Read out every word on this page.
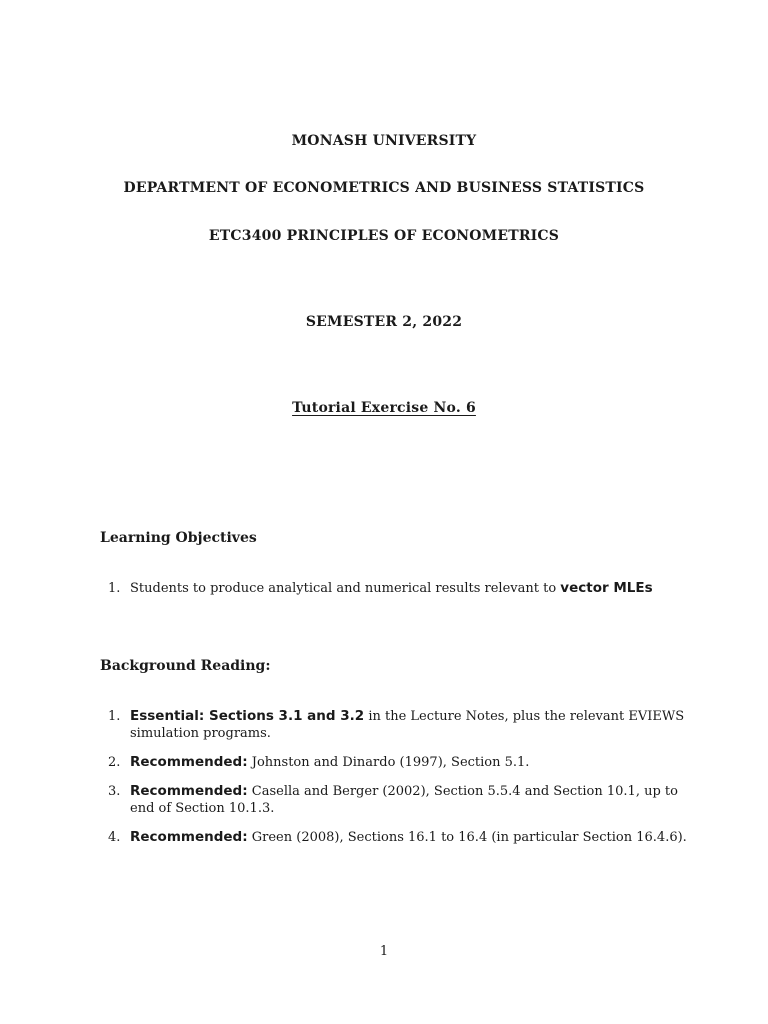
MONASH UNIVERSITY
DEPARTMENT OF ECONOMETRICS AND BUSINESS STATISTICS
ETC3400 PRINCIPLES OF ECONOMETRICS
SEMESTER 2, 2022
Tutorial Exercise No. 6
Learning Objectives
1. Students to produce analytical and numerical results relevant to vector MLEs
Background Reading:
1. Essential: Sections 3.1 and 3.2 in the Lecture Notes, plus the relevant EVIEWS simulation programs.
2. Recommended: Johnston and Dinardo (1997), Section 5.1.
3. Recommended: Casella and Berger (2002), Section 5.5.4 and Section 10.1, up to end of Section 10.1.3.
4. Recommended: Green (2008), Sections 16.1 to 16.4 (in particular Section 16.4.6).
1
